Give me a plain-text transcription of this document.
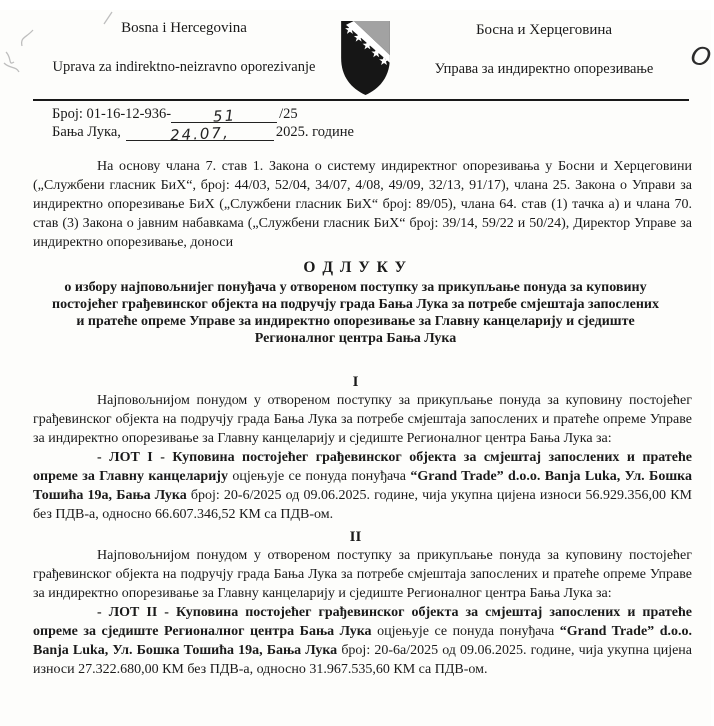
O
Bosna i Hercegovina
Uprava za indirektno-neizravno oporezivanje
Босна и Херцеговина
Управа за индиректно опорезивање
Број: 01-16-12-936-	51	/25
Бања Лука,	24.07,	2025. године

На основу члана 7. став 1. Закона о систему индиректног опорезивања у Босни и Херцеговини („Службени гласник БиХ“, број: 44/03, 52/04, 34/07, 4/08, 49/09, 32/13, 91/17), члана 25. Закона о Управи за индиректно опорезивање БиХ („Службени гласник БиХ“ број: 89/05), члана 64. став (1) тачка а) и члана 70. став (3) Закона о јавним набавкама („Службени гласник БиХ“ број: 39/14, 59/22 и 50/24), Директор Управе за индиректно опорезивање, доноси

О Д Л У К У
о избору најповољнијег понуђача у отвореном поступку за прикупљање понуда за куповину постојећег грађевинског објекта на подручју града Бања Лука за потребе смјештаја запослених и пратеће опреме Управе за индиректно опорезивање за Главну канцеларију и сједиште Регионалног центра Бања Лука
I

Најповољнијом понудом у отвореном поступку за прикупљање понуда за куповину постојећег грађевинског објекта на подручју града Бања Лука за потребе смјештаја запослених и пратеће опреме Управе за индиректно опорезивање за Главну канцеларију и сједиште Регионалног центра Бања Лука за:

- ЛОТ I - Куповина постојећег грађевинског објекта за смјештај запослених и пратеће опреме за Главну канцеларију оцјењује се понуда понуђача “Grand Trade” d.o.o. Banja Luka, Ул. Бошка Тошића 19а, Бања Лука број: 20-6/2025 од 09.06.2025. године, чија укупна цијена износи 56.929.356,00 КМ без ПДВ-а, односно 66.607.346,52 КМ са ПДВ-ом.

II

Најповољнијом понудом у отвореном поступку за прикупљање понуда за куповину постојећег грађевинског објекта на подручју града Бања Лука за потребе смјештаја запослених и пратеће опреме Управе за индиректно опорезивање за Главну канцеларију и сједиште Регионалног центра Бања Лука за:

- ЛОТ II - Куповина постојећег грађевинског објекта за смјештај запослених и пратеће опреме за сједиште Регионалног центра Бања Лука оцјењује се понуда понуђача “Grand Trade” d.o.o. Banja Luka, Ул. Бошка Тошића 19а, Бања Лука број: 20-6а/2025 од 09.06.2025. године, чија укупна цијена износи 27.322.680,00 КМ без ПДВ-а, односно 31.967.535,60 КМ са ПДВ-ом.
